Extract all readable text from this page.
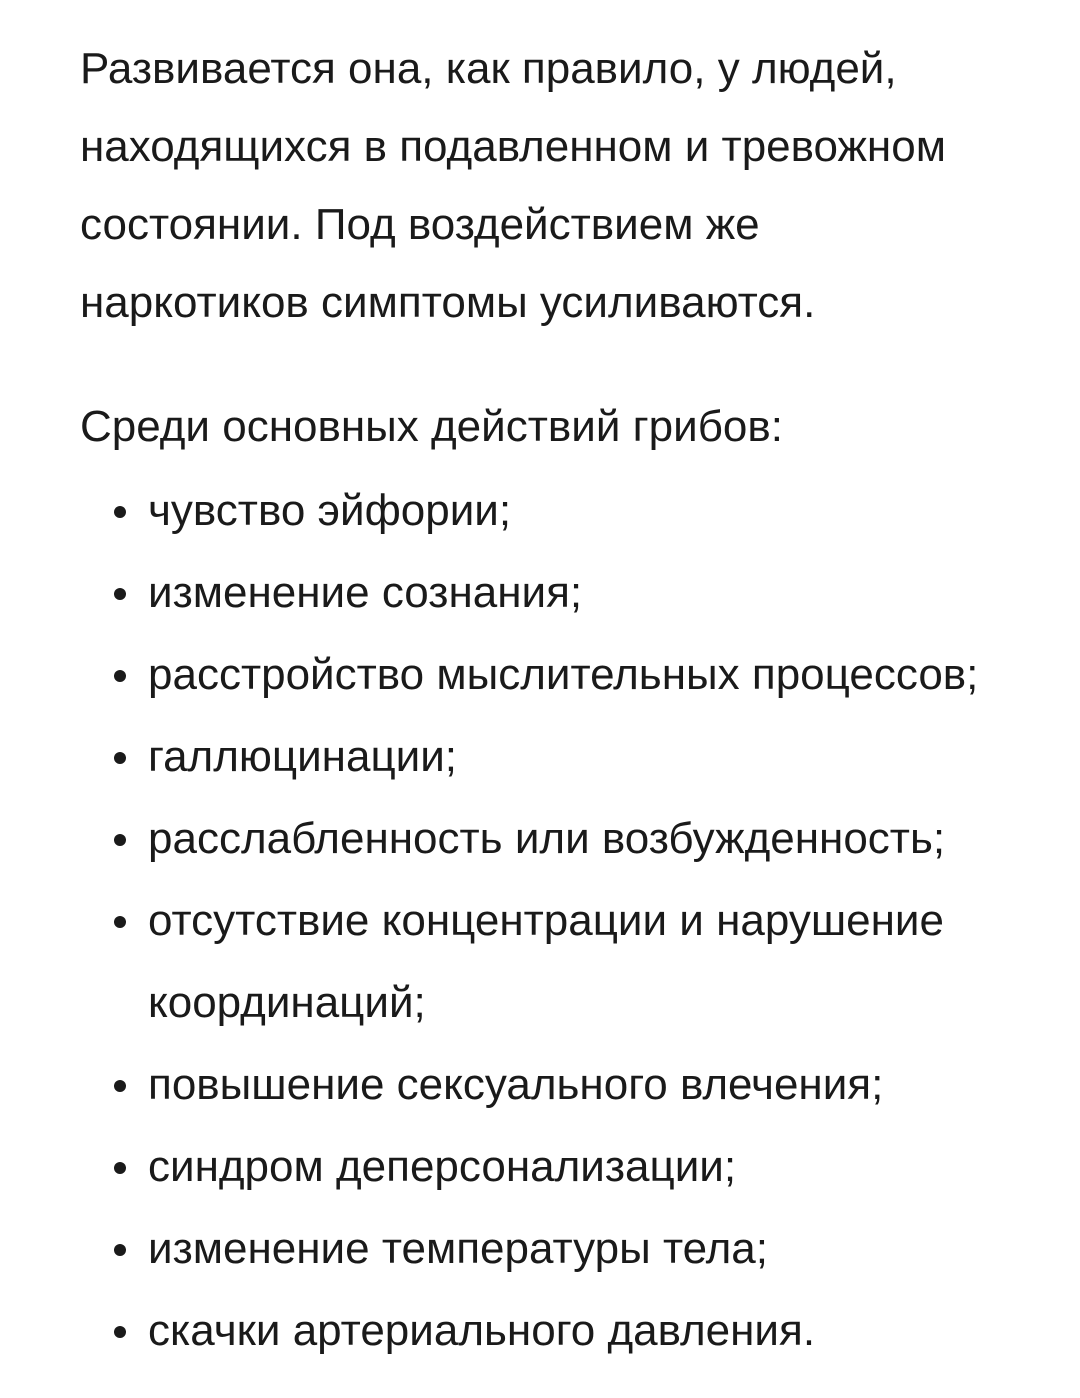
Развивается она, как правило, у людей,
находящихся в подавленном и тревожном
состоянии. Под воздействием же
наркотиков симптомы усиливаются.

Среди основных действий грибов:

чувство эйфории;
изменение сознания;
расстройство мыслительных процессов;
галлюцинации;
расслабленность или возбужденность;
отсутствие концентрации и нарушение координаций;
повышение сексуального влечения;
синдром деперсонализации;
изменение температуры тела;
скачки артериального давления.
